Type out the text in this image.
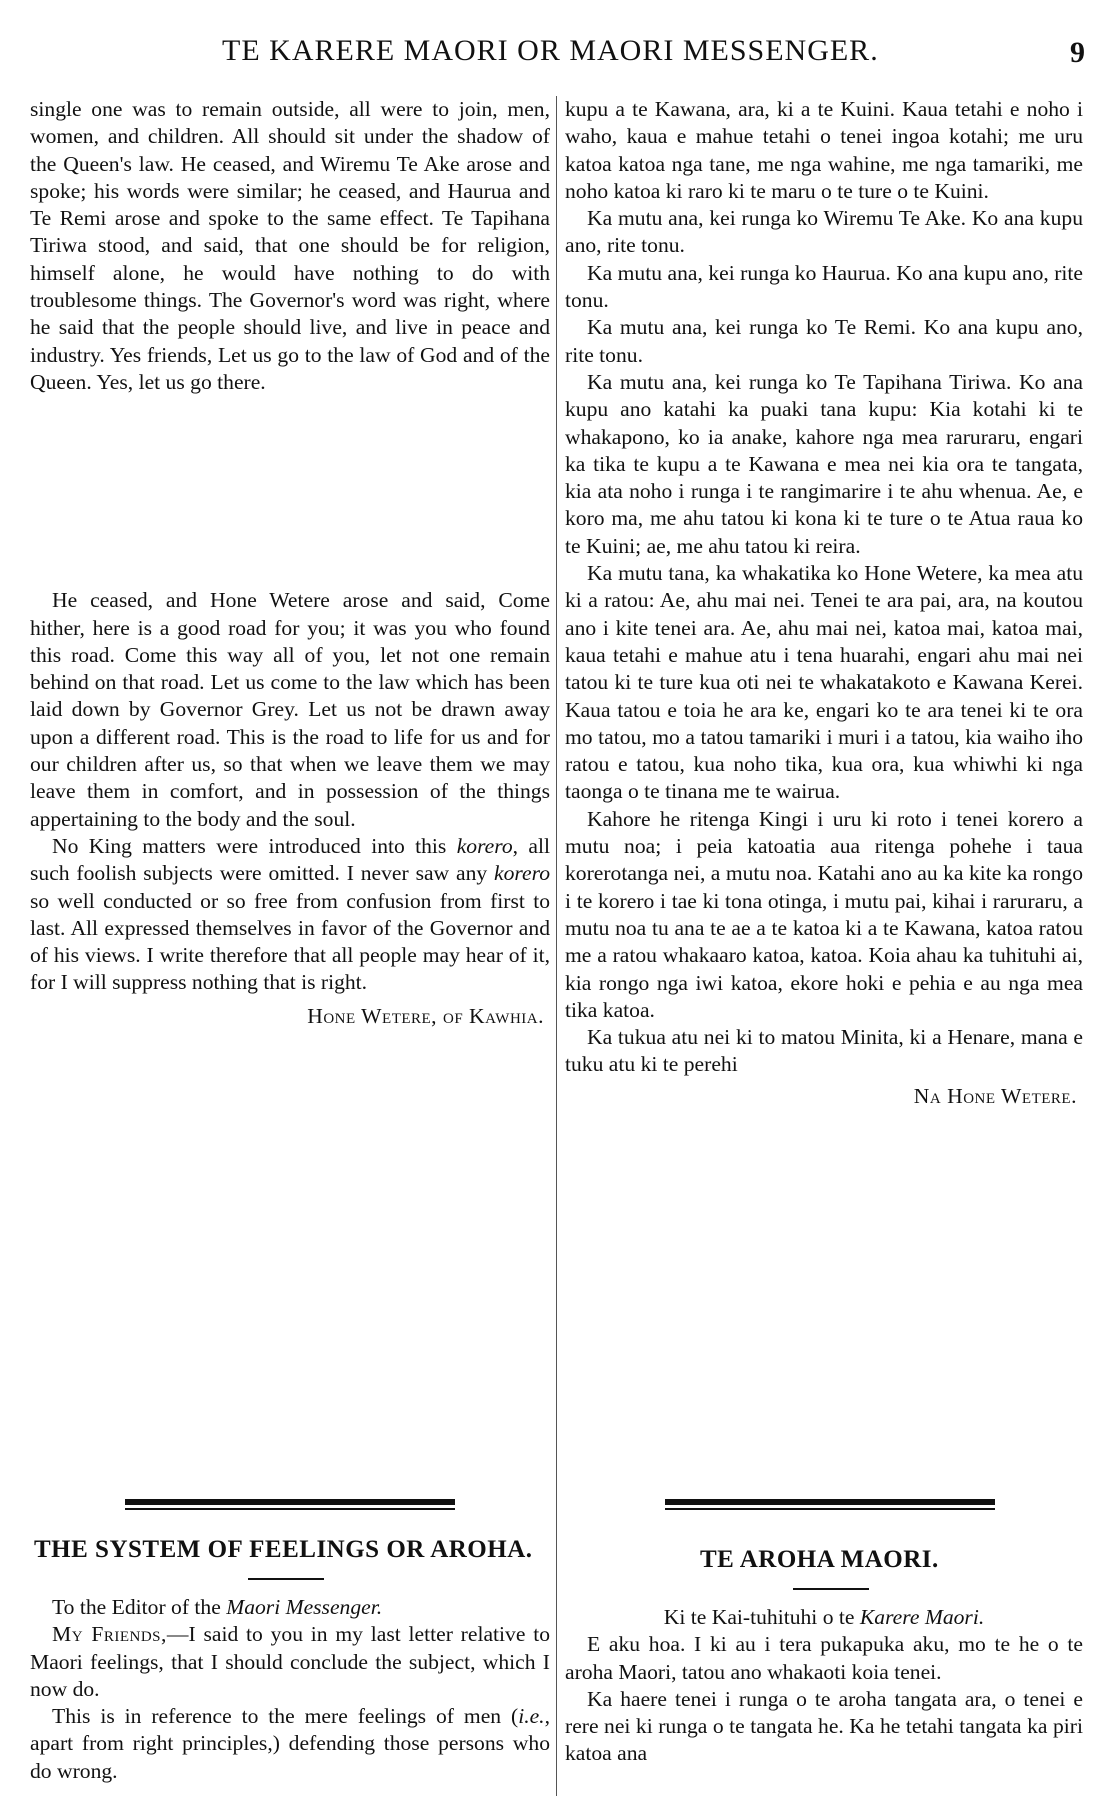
TE KARERE MAORI OR MAORI MESSENGER.	9

single one was to remain outside, all were to join, men, women, and children. All should sit under the shadow of the Queen's law. He ceased, and Wiremu Te Ake arose and spoke; his words were similar; he ceased, and Haurua and Te Remi arose and spoke to the same effect. Te Tapihana Tiriwa stood, and said, that one should be for religion, himself alone, he would have nothing to do with troublesome things. The Governor's word was right, where he said that the people should live, and live in peace and industry. Yes friends, Let us go to the law of God and of the Queen. Yes, let us go there.

He ceased, and Hone Wetere arose and said, Come hither, here is a good road for you; it was you who found this road. Come this way all of you, let not one remain behind on that road. Let us come to the law which has been laid down by Governor Grey. Let us not be drawn away upon a different road. This is the road to life for us and for our children after us, so that when we leave them we may leave them in comfort, and in possession of the things appertaining to the body and the soul.

No King matters were introduced into this korero, all such foolish subjects were omitted. I never saw any korero so well conducted or so free from confusion from first to last. All expressed themselves in favor of the Governor and of his views. I write therefore that all people may hear of it, for I will suppress nothing that is right.

Hone Wetere, of Kawhia.

kupu a te Kawana, ara, ki a te Kuini. Kaua tetahi e noho i waho, kaua e mahue tetahi o tenei ingoa kotahi; me uru katoa katoa nga tane, me nga wahine, me nga tamariki, me noho katoa ki raro ki te maru o te ture o te Kuini.

Ka mutu ana, kei runga ko Wiremu Te Ake. Ko ana kupu ano, rite tonu.

Ka mutu ana, kei runga ko Haurua. Ko ana kupu ano, rite tonu.

Ka mutu ana, kei runga ko Te Remi. Ko ana kupu ano, rite tonu.

Ka mutu ana, kei runga ko Te Tapihana Tiriwa. Ko ana kupu ano katahi ka puaki tana kupu: Kia kotahi ki te whakapono, ko ia anake, kahore nga mea raruraru, engari ka tika te kupu a te Kawana e mea nei kia ora te tangata, kia ata noho i runga i te rangimarire i te ahu whenua. Ae, e koro ma, me ahu tatou ki kona ki te ture o te Atua raua ko te Kuini; ae, me ahu tatou ki reira.

Ka mutu tana, ka whakatika ko Hone Wetere, ka mea atu ki a ratou: Ae, ahu mai nei. Tenei te ara pai, ara, na koutou ano i kite tenei ara. Ae, ahu mai nei, katoa mai, katoa mai, kaua tetahi e mahue atu i tena huarahi, engari ahu mai nei tatou ki te ture kua oti nei te whakatakoto e Kawana Kerei. Kaua tatou e toia he ara ke, engari ko te ara tenei ki te ora mo tatou, mo a tatou tamariki i muri i a tatou, kia waiho iho ratou e tatou, kua noho tika, kua ora, kua whiwhi ki nga taonga o te tinana me te wairua.

Kahore he ritenga Kingi i uru ki roto i tenei korero a mutu noa; i peia katoatia aua ritenga pohehe i taua korerotanga nei, a mutu noa. Katahi ano au ka kite ka rongo i te korero i tae ki tona otinga, i mutu pai, kihai i raruraru, a mutu noa tu ana te ae a te katoa ki a te Kawana, katoa ratou me a ratou whakaaro katoa, katoa. Koia ahau ka tuhituhi ai, kia rongo nga iwi katoa, ekore hoki e pehia e au nga mea tika katoa.

Ka tukua atu nei ki to matou Minita, ki a Henare, mana e tuku atu ki te perehi

Na Hone Wetere.

THE SYSTEM OF FEELINGS OR AROHA.

To the Editor of the Maori Messenger.

My Friends,—I said to you in my last letter relative to Maori feelings, that I should conclude the subject, which I now do.

This is in reference to the mere feelings of men (i.e., apart from right principles,) defending those persons who do wrong.

TE AROHA MAORI.

Ki te Kai-tuhituhi o te Karere Maori.

E aku hoa. I ki au i tera pukapuka aku, mo te he o te aroha Maori, tatou ano whakaoti koia tenei.

Ka haere tenei i runga o te aroha tangata ara, o tenei e rere nei ki runga o te tangata he. Ka he tetahi tangata ka piri katoa ana
